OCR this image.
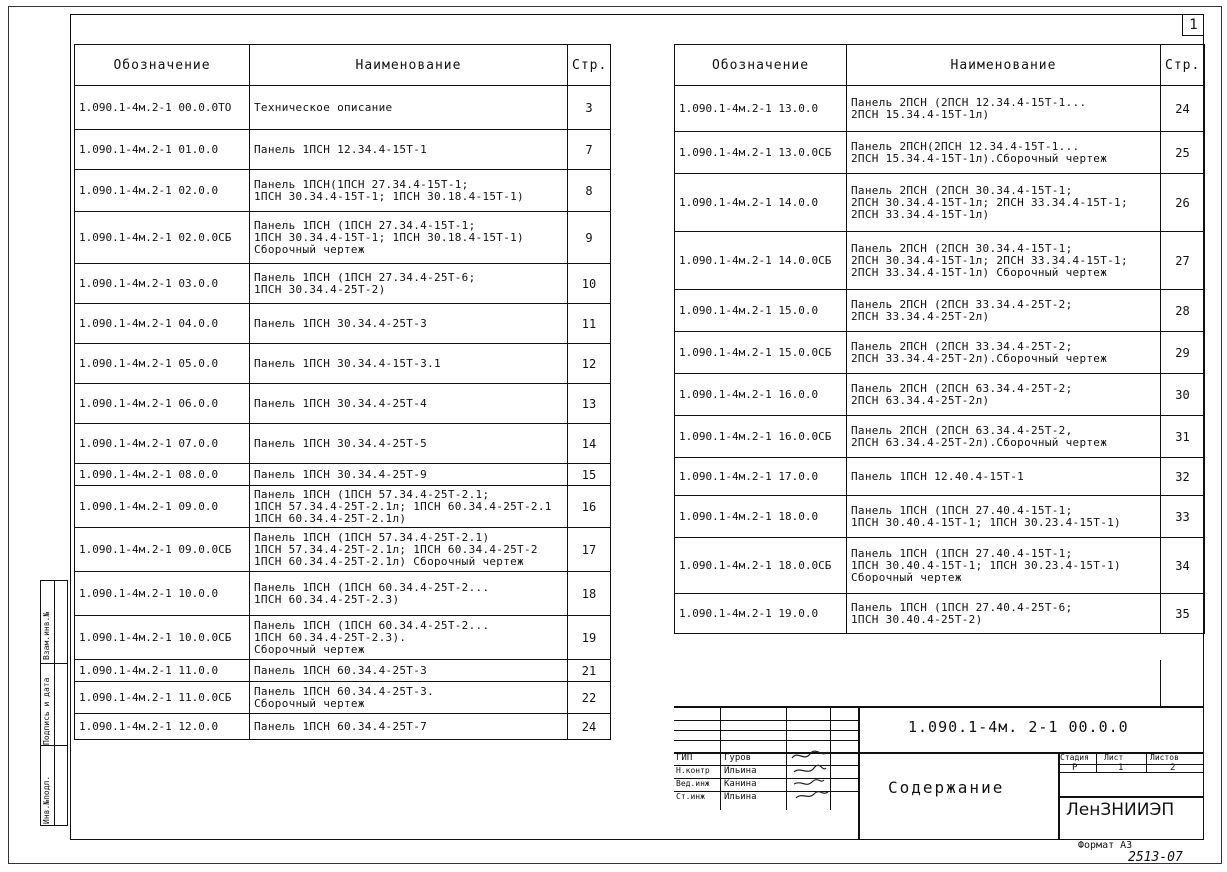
1
Обозначение	Наименование	Стр.
1.090.1-4м.2-1 00.0.0ТО	Техническое описание	3
1.090.1-4м.2-1 01.0.0	Панель 1ПСН 12.34.4-15Т-1	7
1.090.1-4м.2-1 02.0.0	Панель 1ПСН(1ПСН 27.34.4-15Т-1;
1ПСН 30.34.4-15Т-1; 1ПСН 30.18.4-15Т-1)	8
1.090.1-4м.2-1 02.0.0СБ	Панель 1ПСН (1ПСН 27.34.4-15Т-1;
1ПСН 30.34.4-15Т-1; 1ПСН 30.18.4-15Т-1)
Сборочный чертеж	9
1.090.1-4м.2-1 03.0.0	Панель 1ПСН (1ПСН 27.34.4-25Т-6;
1ПСН 30.34.4-25Т-2)	10
1.090.1-4м.2-1 04.0.0	Панель 1ПСН 30.34.4-25Т-3	11
1.090.1-4м.2-1 05.0.0	Панель 1ПСН 30.34.4-15Т-3.1	12
1.090.1-4м.2-1 06.0.0	Панель 1ПСН 30.34.4-25Т-4	13
1.090.1-4м.2-1 07.0.0	Панель 1ПСН 30.34.4-25Т-5	14
1.090.1-4м.2-1 08.0.0	Панель 1ПСН 30.34.4-25Т-9	15
1.090.1-4м.2-1 09.0.0	Панель 1ПСН (1ПСН 57.34.4-25Т-2.1;
1ПСН 57.34.4-25Т-2.1л; 1ПСН 60.34.4-25Т-2.1
1ПСН 60.34.4-25Т-2.1л)	16
1.090.1-4м.2-1 09.0.0СБ	Панель 1ПСН (1ПСН 57.34.4-25Т-2.1)
1ПСН 57.34.4-25Т-2.1л; 1ПСН 60.34.4-25Т-2
1ПСН 60.34.4-25Т-2.1л) Сборочный чертеж	17
1.090.1-4м.2-1 10.0.0	Панель 1ПСН (1ПСН 60.34.4-25Т-2...
1ПСН 60.34.4-25Т-2.3)	18
1.090.1-4м.2-1 10.0.0СБ	Панель 1ПСН (1ПСН 60.34.4-25Т-2...
1ПСН 60.34.4-25Т-2.3).
Сборочный чертеж	19
1.090.1-4м.2-1 11.0.0	Панель 1ПСН 60.34.4-25Т-3	21
1.090.1-4м.2-1 11.0.0СБ	Панель 1ПСН 60.34.4-25Т-3.
Сборочный чертеж	22
1.090.1-4м.2-1 12.0.0	Панель 1ПСН 60.34.4-25Т-7	24
Обозначение	Наименование	Стр.
1.090.1-4м.2-1 13.0.0	Панель 2ПСН (2ПСН 12.34.4-15Т-1...
2ПСН 15.34.4-15Т-1л)	24
1.090.1-4м.2-1 13.0.0СБ	Панель 2ПСН(2ПСН 12.34.4-15Т-1...
2ПСН 15.34.4-15Т-1л).Сборочный чертеж	25
1.090.1-4м.2-1 14.0.0	Панель 2ПСН (2ПСН 30.34.4-15Т-1;
2ПСН 30.34.4-15Т-1л; 2ПСН 33.34.4-15Т-1;
2ПСН 33.34.4-15Т-1л)	26
1.090.1-4м.2-1 14.0.0СБ	Панель 2ПСН (2ПСН 30.34.4-15Т-1;
2ПСН 30.34.4-15Т-1л; 2ПСН 33.34.4-15Т-1;
2ПСН 33.34.4-15Т-1л) Сборочный чертеж	27
1.090.1-4м.2-1 15.0.0	Панель 2ПСН (2ПСН 33.34.4-25Т-2;
2ПСН 33.34.4-25Т-2л)	28
1.090.1-4м.2-1 15.0.0СБ	Панель 2ПСН (2ПСН 33.34.4-25Т-2;
2ПСН 33.34.4-25Т-2л).Сборочный чертеж	29
1.090.1-4м.2-1 16.0.0	Панель 2ПСН (2ПСН 63.34.4-25Т-2;
2ПСН 63.34.4-25Т-2л)	30
1.090.1-4м.2-1 16.0.0СБ	Панель 2ПСН (2ПСН 63.34.4-25Т-2,
2ПСН 63.34.4-25Т-2л).Сборочный чертеж	31
1.090.1-4м.2-1 17.0.0	Панель 1ПСН 12.40.4-15Т-1	32
1.090.1-4м.2-1 18.0.0	Панель 1ПСН (1ПСН 27.40.4-15Т-1;
1ПСН 30.40.4-15Т-1; 1ПСН 30.23.4-15Т-1)	33
1.090.1-4м.2-1 18.0.0СБ	Панель 1ПСН (1ПСН 27.40.4-15Т-1;
1ПСН 30.40.4-15Т-1; 1ПСН 30.23.4-15Т-1)
Сборочный чертеж	34
1.090.1-4м.2-1 19.0.0	Панель 1ПСН (1ПСН 27.40.4-25Т-6;
1ПСН 30.40.4-25Т-2)	35
Инв.№подл.
Подпись и дата
Взам.инв.№
ГИП
Н.контр
Вед.инж
Ст.инж
Гуров
Ильина
Канина
Ильина
1.090.1-4м. 2-1 00.0.0
Содержание
Стадия Лист	Листов
Р	1	2
ЛенЗНИИЭП
Формат А3
2513-07
